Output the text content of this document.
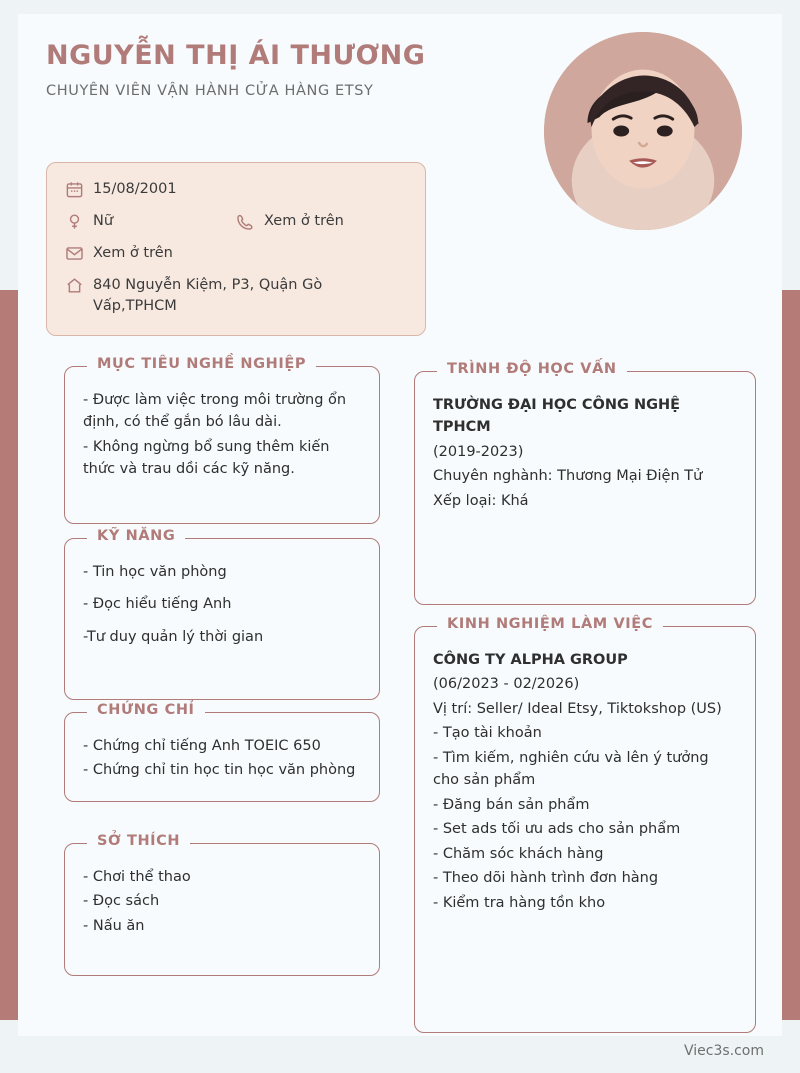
NGUYỄN THỊ ÁI THƯƠNG
CHUYÊN VIÊN VẬN HÀNH CỬA HÀNG ETSY
15/08/2001
Nữ	Xem ở trên
Xem ở trên
840 Nguyễn Kiệm, P3, Quận Gò Vấp,TPHCM
MỤC TIÊU NGHỀ NGHIỆP

- Được làm việc trong môi trường ổn định, có thể gắn bó lâu dài.

- Không ngừng bổ sung thêm kiến thức và trau dồi các kỹ năng.

KỸ NĂNG

- Tin học văn phòng

- Đọc hiểu tiếng Anh

-Tư duy quản lý thời gian

CHỨNG CHỈ

- Chứng chỉ tiếng Anh TOEIC 650

- Chứng chỉ tin học tin học văn phòng

SỞ THÍCH

- Chơi thể thao

- Đọc sách

- Nấu ăn

TRÌNH ĐỘ HỌC VẤN

TRƯỜNG ĐẠI HỌC CÔNG NGHỆ TPHCM

(2019-2023)

Chuyên nghành: Thương Mại Điện Tử

Xếp loại: Khá

KINH NGHIỆM LÀM VIỆC

CÔNG TY ALPHA GROUP

(06/2023 - 02/2026)

Vị trí: Seller/ Ideal Etsy, Tiktokshop (US)

- Tạo tài khoản

- Tìm kiếm, nghiên cứu và lên ý tưởng cho sản phẩm

- Đăng bán sản phẩm

- Set ads tối ưu ads cho sản phẩm

- Chăm sóc khách hàng

- Theo dõi hành trình đơn hàng

- Kiểm tra hàng tồn kho

Viec3s.com
